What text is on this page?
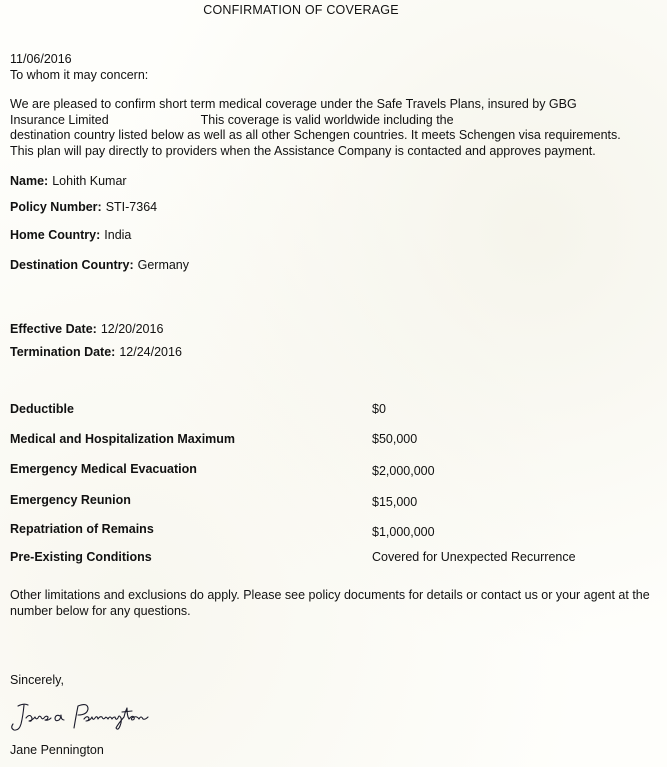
CONFIRMATION OF COVERAGE
11/06/2016
To whom it may concern:
We are pleased to confirm short term medical coverage under the Safe Travels Plans, insured by GBG
Insurance Limited	This coverage is valid worldwide including the
destination country listed below as well as all other Schengen countries. It meets Schengen visa requirements.
This plan will pay directly to providers when the Assistance Company is contacted and approves payment.
Name: Lohith Kumar
Policy Number: STI-7364
Home Country: India
Destination Country: Germany
Effective Date: 12/20/2016
Termination Date: 12/24/2016
Deductible	$0
Medical and Hospitalization Maximum	$50,000
Emergency Medical Evacuation	$2,000,000
Emergency Reunion	$15,000
Repatriation of Remains	$1,000,000
Pre-Existing Conditions	Covered for Unexpected Recurrence
Other limitations and exclusions do apply. Please see policy documents for details or contact us or your agent at the
number below for any questions.
Sincerely,
Jane Pennington
